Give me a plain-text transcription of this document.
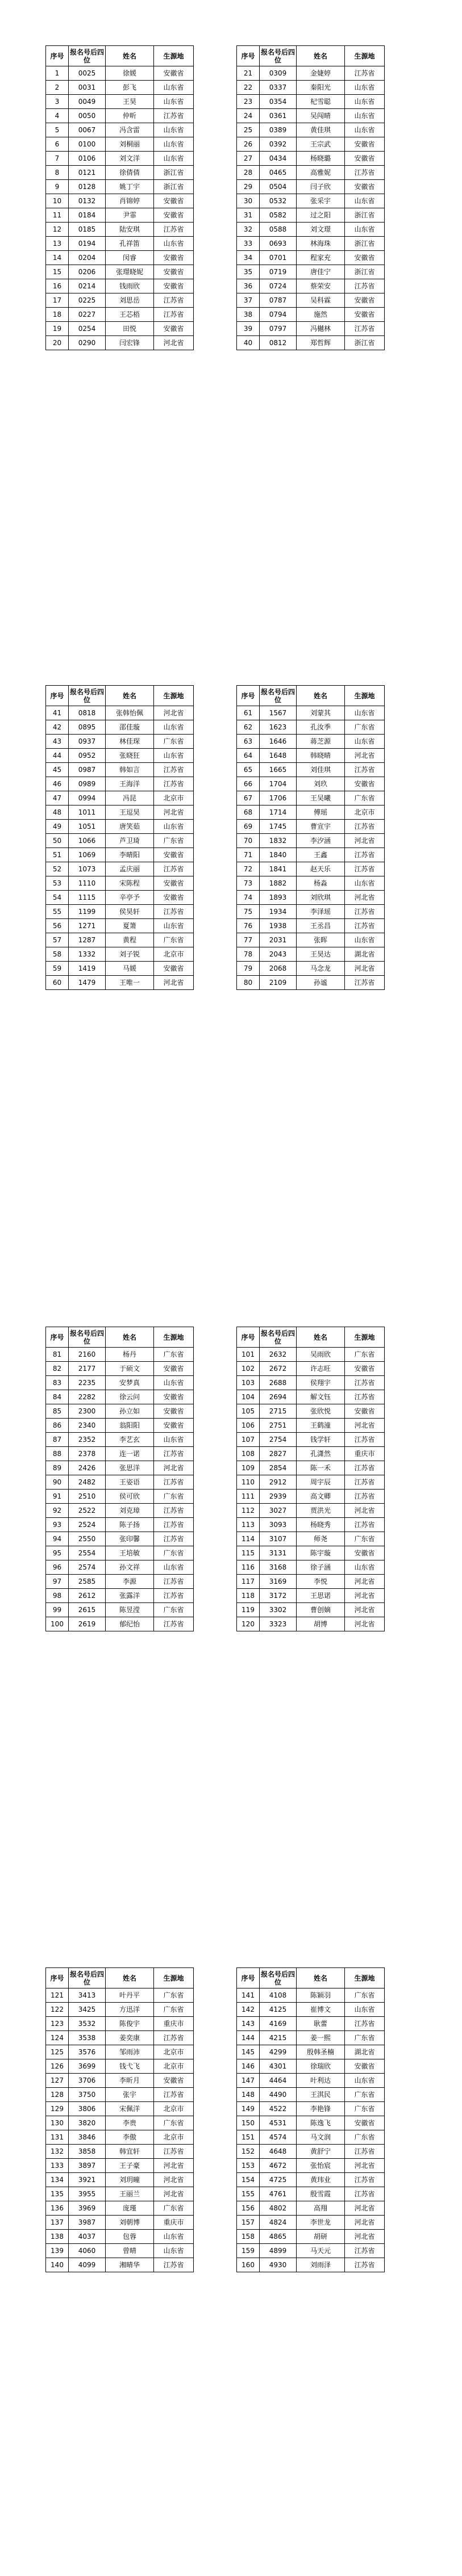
序号	报名号后四位	姓名	生源地
1	0025	徐媛	安徽省
2	0031	彭飞	山东省
3	0049	王昊	山东省
4	0050	仲昕	江苏省
5	0067	冯含雷	山东省
6	0100	刘桐丽	山东省
7	0106	刘文洋	山东省
8	0121	徐倩倩	浙江省
9	0128	姚丁宇	浙江省
10	0132	肖锦婷	安徽省
11	0184	尹霏	安徽省
12	0185	陆安琪	江苏省
13	0194	孔祥笛	山东省
14	0204	闵睿	安徽省
15	0206	张璟晓妮	安徽省
16	0214	钱雨欣	安徽省
17	0225	刘思岳	江苏省
18	0227	王芯梧	江苏省
19	0254	田悦	安徽省
20	0290	闫宏锋	河北省
序号	报名号后四位	姓名	生源地
21	0309	金婕婷	江苏省
22	0337	秦阳光	山东省
23	0354	杞雪聪	山东省
24	0361	吴闯晴	山东省
25	0389	黄佳琪	山东省
26	0392	王宗武	安徽省
27	0434	杨晓璐	安徽省
28	0465	高雅妮	江苏省
29	0504	闫子欣	安徽省
30	0532	张采宇	山东省
31	0582	过之阳	浙江省
32	0588	刘文璟	山东省
33	0693	林海珠	浙江省
34	0701	程家充	安徽省
35	0719	唐佳宁	浙江省
36	0724	蔡荣安	江苏省
37	0787	吴科霖	安徽省
38	0794	施然	安徽省
39	0797	冯樾林	江苏省
40	0812	郑哲辉	浙江省
序号	报名号后四位	姓名	生源地
41	0818	张韩怡佩	河北省
42	0895	邵佳璇	山东省
43	0937	林佳琛	广东省
44	0952	张晓狂	山东省
45	0987	韩如言	江苏省
46	0989	王海洋	江苏省
47	0994	冯昆	北京市
48	1011	王逗昊	河北省
49	1051	唐笑茹	山东省
50	1066	芦卫琦	广东省
51	1069	李晴阳	安徽省
52	1073	孟庆丽	江苏省
53	1110	宋陈程	安徽省
54	1115	辛亭予	安徽省
55	1199	侯昊轩	江苏省
56	1271	夏箫	山东省
57	1287	黄程	广东省
58	1332	刘子锐	北京市
59	1419	马媛	安徽省
60	1479	王唯一	河北省
序号	报名号后四位	姓名	生源地
61	1567	刘蒙其	山东省
62	1623	孔汝季	广东省
63	1646	蒋芝源	山东省
64	1648	韩晓晴	河北省
65	1665	刘佳琪	江苏省
66	1704	刘玖	安徽省
67	1706	王吴曦	广东省
68	1714	傅瑶	北京市
69	1745	曹宣宇	江苏省
70	1832	李汐涵	河北省
71	1840	王鑫	江苏省
72	1841	赵天乐	江苏省
73	1882	杨淼	山东省
74	1893	刘欣琪	河北省
75	1934	李泽瑶	江苏省
76	1938	王丞昌	江苏省
77	2031	张晖	山东省
78	2043	王昊达	湖北省
79	2068	马念龙	河北省
80	2109	孙谧	江苏省
序号	报名号后四位	姓名	生源地
81	2160	杨丹	广东省
82	2177	于硕文	安徽省
83	2235	安梦真	山东省
84	2282	徐云问	安徽省
85	2300	孙立如	安徽省
86	2340	翁阳阳	安徽省
87	2352	李艺玄	山东省
88	2378	连一诺	江苏省
89	2426	张思洋	河北省
90	2482	王姿语	江苏省
91	2510	侯可欣	广东省
92	2522	刘克璋	江苏省
93	2524	陈子扬	江苏省
94	2550	张印馨	江苏省
95	2554	王培敏	广东省
96	2574	孙文祥	山东省
97	2585	李源	江苏省
98	2612	张露洋	江苏省
99	2615	陈昱滢	广东省
100	2619	郁纪怡	江苏省
序号	报名号后四位	姓名	生源地
101	2632	吴雨欣	广东省
102	2672	许志旺	安徽省
103	2688	侯翔宇	江苏省
104	2694	解文钰	江苏省
105	2715	张欣悦	安徽省
106	2751	王鹤潼	河北省
107	2754	钱学轩	江苏省
108	2827	孔潇然	重庆市
109	2854	陈一禾	江苏省
110	2912	周宇辰	江苏省
111	2939	高文卿	江苏省
112	3027	贾洪光	河北省
113	3093	杨晓秀	江苏省
114	3107	师尧	广东省
115	3131	陈宇璇	安徽省
116	3168	徐子涵	山东省
117	3169	李悦	河北省
118	3172	王思诺	河北省
119	3302	曹创嫡	河北省
120	3323	胡博	河北省
序号	报名号后四位	姓名	生源地
121	3413	叶丹平	广东省
122	3425	方迅洋	广东省
123	3532	陈俊宇	重庆市
124	3538	姜奕康	江苏省
125	3576	邹雨沛	北京市
126	3699	钱弋飞	北京市
127	3706	李昕月	安徽省
128	3750	张宇	江苏省
129	3806	宋佩洋	北京市
130	3820	李贵	广东省
131	3846	李傲	北京市
132	3858	韩宜轩	江苏省
133	3897	王子豪	河北省
134	3921	刘玥曈	河北省
135	3955	王丽兰	河北省
136	3969	庞瑾	广东省
137	3987	刘朝博	重庆市
138	4037	包蓉	山东省
139	4060	曾晴	山东省
140	4099	湘晴华	江苏省
序号	报名号后四位	姓名	生源地
141	4108	陈颖羽	广东省
142	4125	崔博文	山东省
143	4169	耿蕾	江苏省
144	4215	姜一熙	广东省
145	4299	殷韩圣楠	湖北省
146	4301	徐瑞欣	安徽省
147	4464	叶利达	山东省
148	4490	王淇民	广东省
149	4522	李艳锋	广东省
150	4531	陈逸飞	安徽省
151	4574	马文润	广东省
152	4648	黄舒宁	江苏省
153	4672	张怡宸	河北省
154	4725	黄玮业	江苏省
155	4761	殷雪霞	江苏省
156	4802	高翔	河北省
157	4824	李世龙	河北省
158	4865	胡研	河北省
159	4899	马天元	江苏省
160	4930	刘雨泽	江苏省
